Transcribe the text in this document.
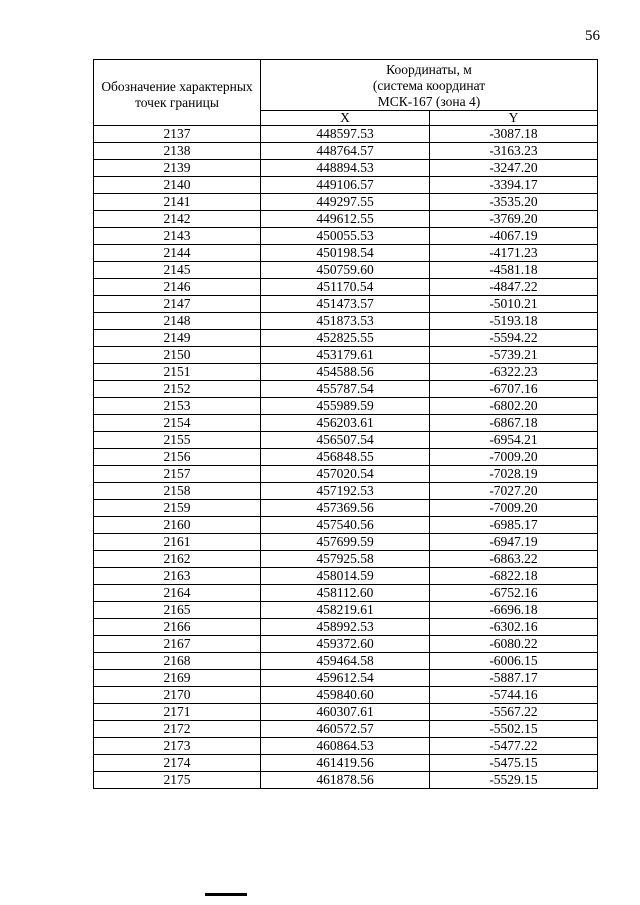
56
Обозначение характерных точек границы	Координаты, м
(система координат
МСК-167 (зона 4)	

	X	Y
2137	448597.53	-3087.18
2138	448764.57	-3163.23
2139	448894.53	-3247.20
2140	449106.57	-3394.17
2141	449297.55	-3535.20
2142	449612.55	-3769.20
2143	450055.53	-4067.19
2144	450198.54	-4171.23
2145	450759.60	-4581.18
2146	451170.54	-4847.22
2147	451473.57	-5010.21
2148	451873.53	-5193.18
2149	452825.55	-5594.22
2150	453179.61	-5739.21
2151	454588.56	-6322.23
2152	455787.54	-6707.16
2153	455989.59	-6802.20
2154	456203.61	-6867.18
2155	456507.54	-6954.21
2156	456848.55	-7009.20
2157	457020.54	-7028.19
2158	457192.53	-7027.20
2159	457369.56	-7009.20
2160	457540.56	-6985.17
2161	457699.59	-6947.19
2162	457925.58	-6863.22
2163	458014.59	-6822.18
2164	458112.60	-6752.16
2165	458219.61	-6696.18
2166	458992.53	-6302.16
2167	459372.60	-6080.22
2168	459464.58	-6006.15
2169	459612.54	-5887.17
2170	459840.60	-5744.16
2171	460307.61	-5567.22
2172	460572.57	-5502.15
2173	460864.53	-5477.22
2174	461419.56	-5475.15
2175	461878.56	-5529.15
